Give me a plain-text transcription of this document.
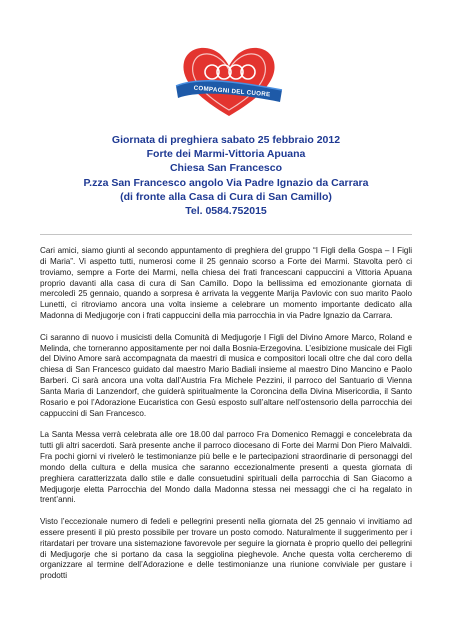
COMPAGNI DEL CUORE
Giornata di preghiera sabato 25 febbraio 2012
Forte dei Marmi-Vittoria Apuana
Chiesa San Francesco
P.zza San Francesco angolo Via Padre Ignazio da Carrara
(di fronte alla Casa di Cura di San Camillo)
Tel. 0584.752015

Cari amici, siamo giunti al secondo appuntamento di preghiera del gruppo “I Figli della Gospa – I Figli di Maria”. Vi aspetto tutti, numerosi come il 25 gennaio scorso a Forte dei Marmi. Stavolta però ci troviamo, sempre a Forte dei Marmi, nella chiesa dei frati francescani cappuccini a Vittoria Apuana proprio davanti alla casa di cura di San Camillo. Dopo la bellissima ed emozionante giornata di mercoledì 25 gennaio, quando a sorpresa è arrivata la veggente Marija Pavlovic con suo marito Paolo Lunetti, ci ritroviamo ancora una volta insieme a celebrare un momento importante dedicato alla Madonna di Medjugorje con i frati cappuccini della mia parrocchia in via Padre Ignazio da Carrara.

Ci saranno di nuovo i musicisti della Comunità di Medjugorje I Figli del Divino Amore Marco, Roland e Melinda, che torneranno appositamente per noi dalla Bosnia-Erzegovina. L’esibizione musicale dei Figli del Divino Amore sarà accompagnata da maestri di musica e compositori locali oltre che dal coro della chiesa di San Francesco guidato dal maestro Mario Badiali insieme al maestro Dino Mancino e Paolo Barberi. Ci sarà ancora una volta dall’Austria Fra Michele Pezzini, il parroco del Santuario di Vienna Santa Maria di Lanzendorf, che guiderà spiritualmente la Coroncina della Divina Misericordia, il Santo Rosario e poi l’Adorazione Eucaristica con Gesù esposto sull’altare nell’ostensorio della parrocchia dei cappuccini di San Francesco.

La Santa Messa verrà celebrata alle ore 18.00 dal parroco Fra Domenico Remaggi e concelebrata da tutti gli altri sacerdoti. Sarà presente anche il parroco diocesano di Forte dei Marmi Don Piero Malvaldi. Fra pochi giorni vi rivelerò le testimonianze più belle e le partecipazioni straordinarie di personaggi del mondo della cultura e della musica che saranno eccezionalmente presenti a questa giornata di preghiera caratterizzata dallo stile e dalle consuetudini spirituali della parrocchia di San Giacomo a Medjugorje eletta Parrocchia del Mondo dalla Madonna stessa nei messaggi che ci ha regalato in trent’anni.

Visto l’eccezionale numero di fedeli e pellegrini presenti nella giornata del 25 gennaio vi invitiamo ad essere presenti il più presto possibile per trovare un posto comodo. Naturalmente il suggerimento per i ritardatari per trovare una sistemazione favorevole per seguire la giornata è proprio quello dei pellegrini di Medjugorje che si portano da casa la seggiolina pieghevole. Anche questa volta cercheremo di organizzare al termine dell’Adorazione e delle testimonianze una riunione conviviale per gustare i prodotti
